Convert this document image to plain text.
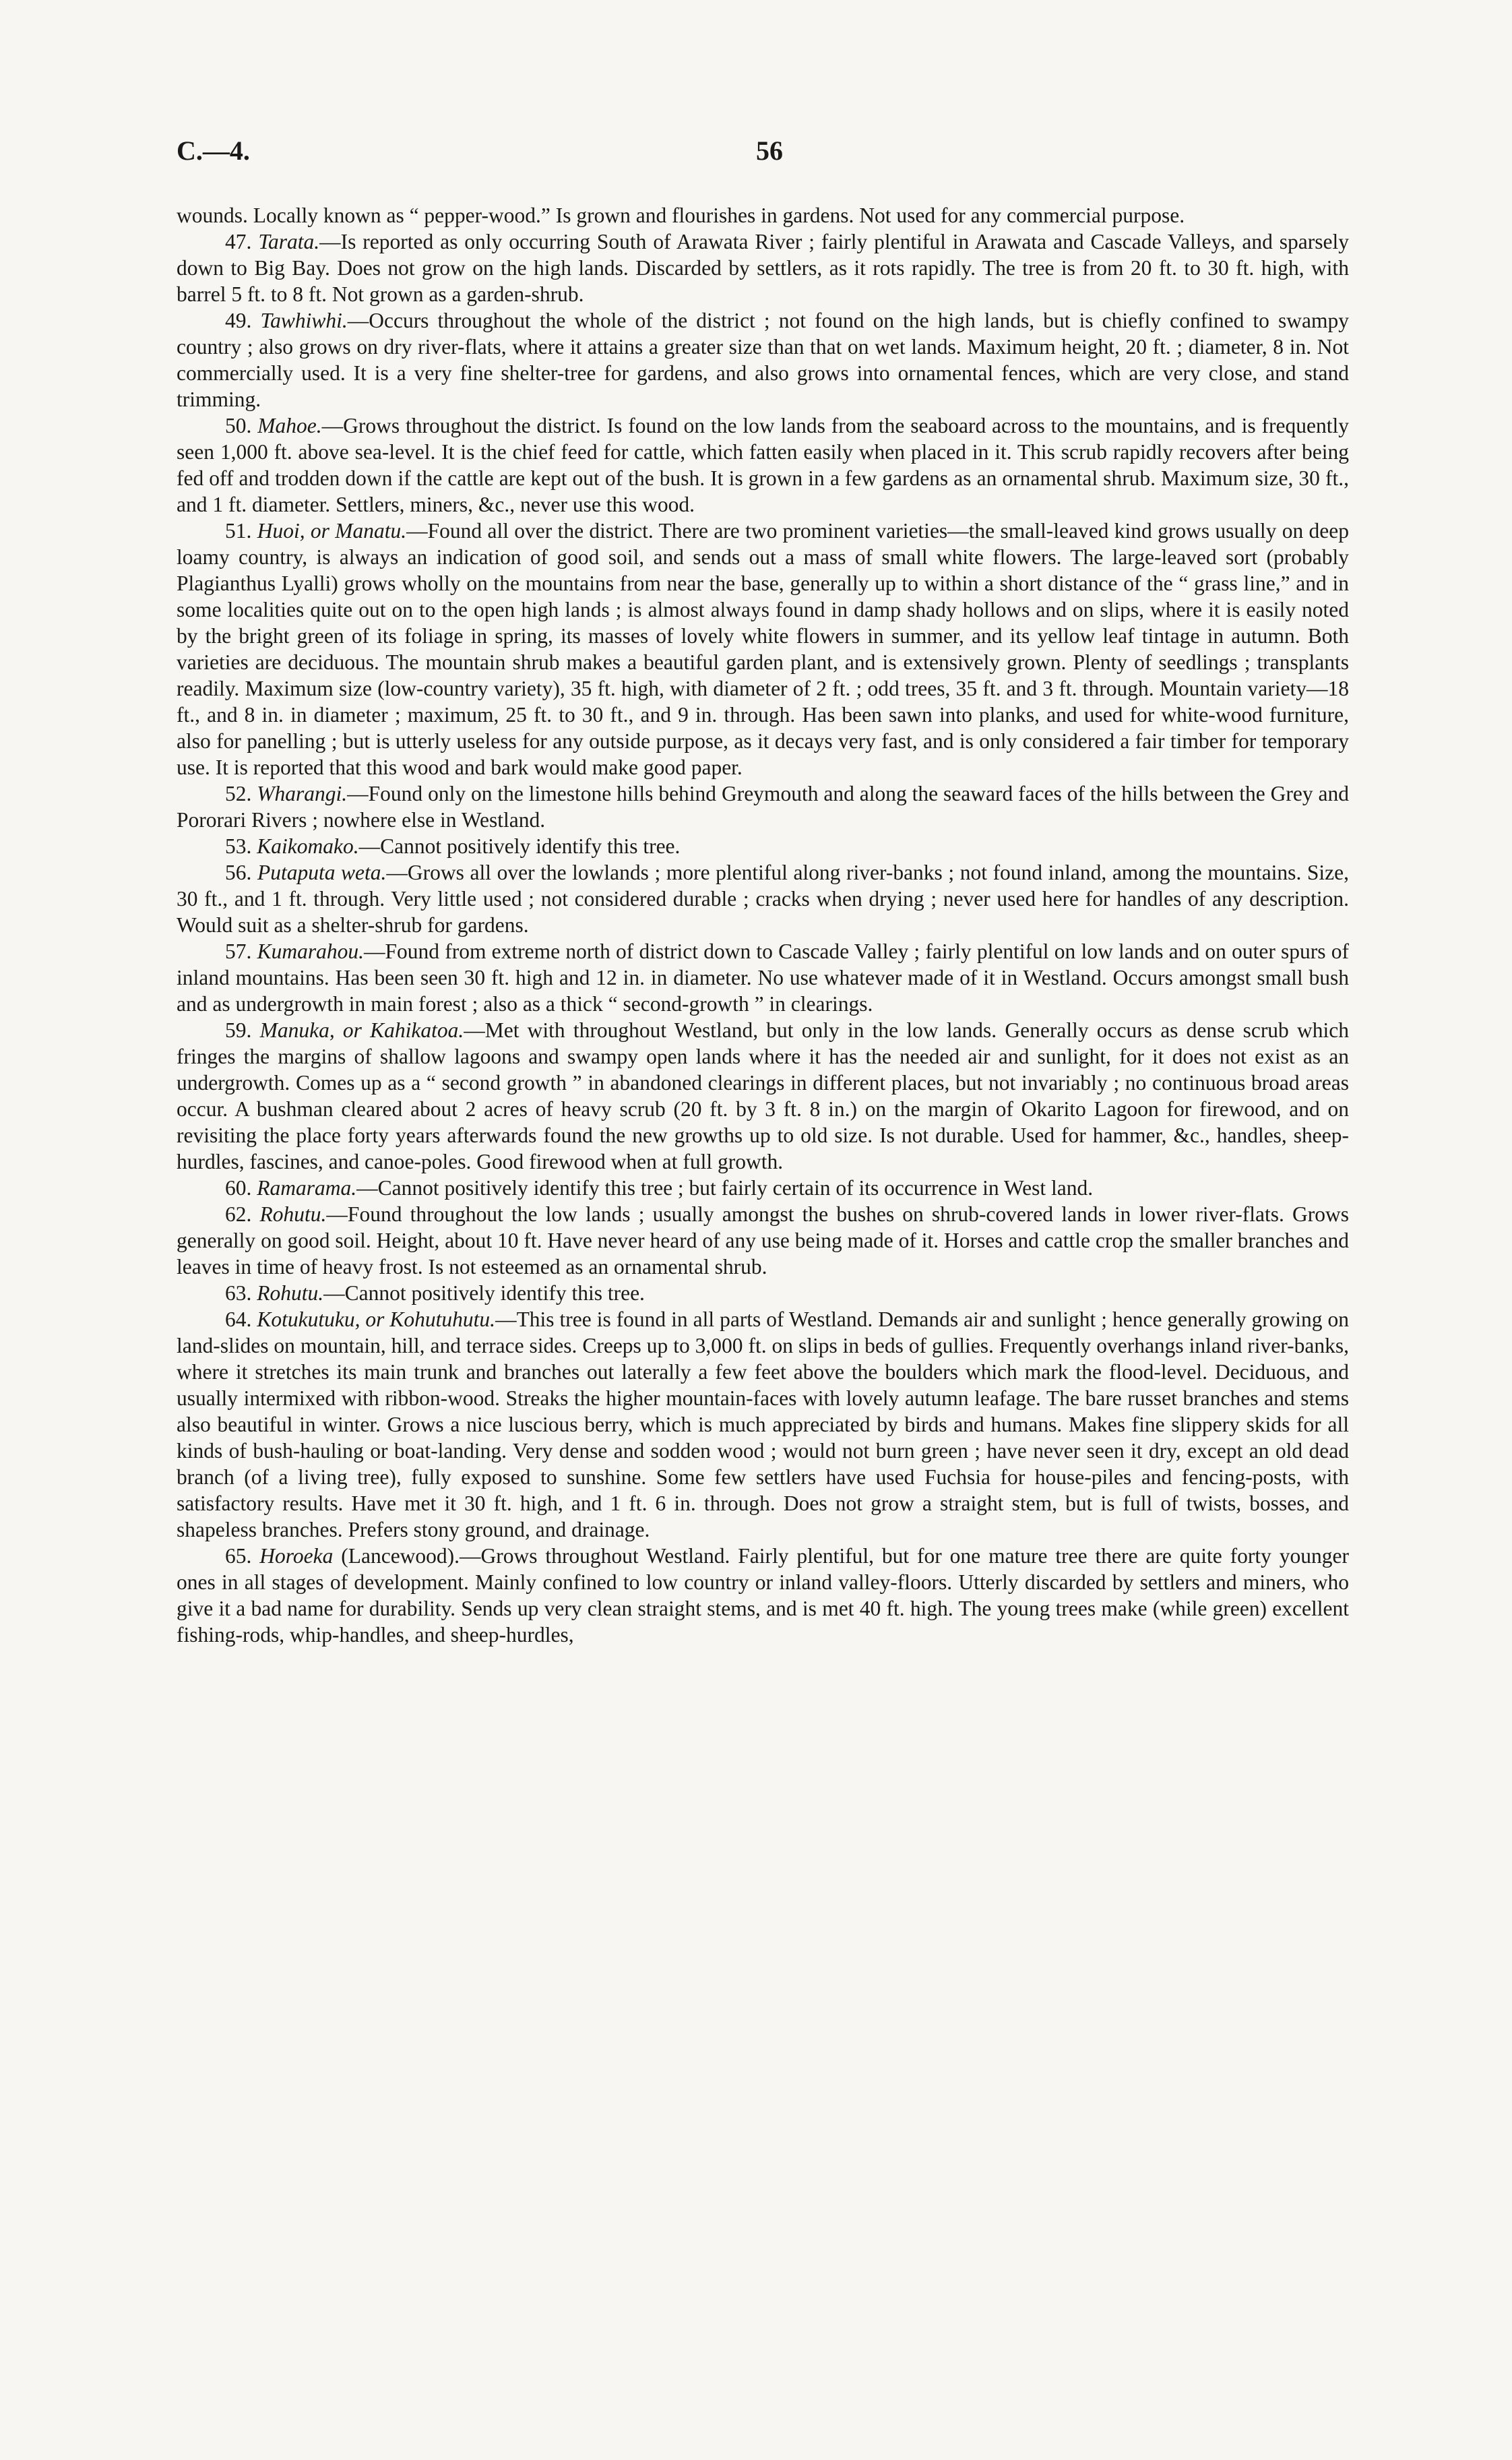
C.—4.	56

wounds. Locally known as “ pepper-wood.” Is grown and flourishes in gardens. Not used for any commercial purpose.

47. Tarata.—Is reported as only occurring South of Arawata River ; fairly plentiful in Arawata and Cascade Valleys, and sparsely down to Big Bay. Does not grow on the high lands. Discarded by settlers, as it rots rapidly. The tree is from 20 ft. to 30 ft. high, with barrel 5 ft. to 8 ft. Not grown as a garden-shrub.

49. Tawhiwhi.—Occurs throughout the whole of the district ; not found on the high lands, but is chiefly confined to swampy country ; also grows on dry river-flats, where it attains a greater size than that on wet lands. Maximum height, 20 ft. ; diameter, 8 in. Not commercially used. It is a very fine shelter-tree for gardens, and also grows into ornamental fences, which are very close, and stand trimming.

50. Mahoe.—Grows throughout the district. Is found on the low lands from the seaboard across to the mountains, and is frequently seen 1,000 ft. above sea-level. It is the chief feed for cattle, which fatten easily when placed in it. This scrub rapidly recovers after being fed off and trodden down if the cattle are kept out of the bush. It is grown in a few gardens as an ornamental shrub. Maximum size, 30 ft., and 1 ft. diameter. Settlers, miners, &c., never use this wood.

51. Huoi, or Manatu.—Found all over the district. There are two prominent varieties—the small-leaved kind grows usually on deep loamy country, is always an indication of good soil, and sends out a mass of small white flowers. The large-leaved sort (probably Plagianthus Lyalli) grows wholly on the mountains from near the base, generally up to within a short distance of the “ grass line,” and in some localities quite out on to the open high lands ; is almost always found in damp shady hollows and on slips, where it is easily noted by the bright green of its foliage in spring, its masses of lovely white flowers in summer, and its yellow leaf tintage in autumn. Both varieties are deciduous. The mountain shrub makes a beautiful garden plant, and is extensively grown. Plenty of seedlings ; transplants readily. Maximum size (low-country variety), 35 ft. high, with diameter of 2 ft. ; odd trees, 35 ft. and 3 ft. through. Mountain variety—18 ft., and 8 in. in diameter ; maximum, 25 ft. to 30 ft., and 9 in. through. Has been sawn into planks, and used for white-wood furniture, also for panelling ; but is utterly useless for any outside purpose, as it decays very fast, and is only considered a fair timber for temporary use. It is reported that this wood and bark would make good paper.

52. Wharangi.—Found only on the limestone hills behind Greymouth and along the seaward faces of the hills between the Grey and Pororari Rivers ; nowhere else in Westland.

53. Kaikomako.—Cannot positively identify this tree.

56. Putaputa weta.—Grows all over the lowlands ; more plentiful along river-banks ; not found inland, among the mountains. Size, 30 ft., and 1 ft. through. Very little used ; not considered durable ; cracks when drying ; never used here for handles of any description. Would suit as a shelter-shrub for gardens.

57. Kumarahou.—Found from extreme north of district down to Cascade Valley ; fairly plentiful on low lands and on outer spurs of inland mountains. Has been seen 30 ft. high and 12 in. in diameter. No use whatever made of it in Westland. Occurs amongst small bush and as undergrowth in main forest ; also as a thick “ second-growth ” in clearings.

59. Manuka, or Kahikatoa.—Met with throughout Westland, but only in the low lands. Generally occurs as dense scrub which fringes the margins of shallow lagoons and swampy open lands where it has the needed air and sunlight, for it does not exist as an undergrowth. Comes up as a “ second growth ” in abandoned clearings in different places, but not invariably ; no continuous broad areas occur. A bushman cleared about 2 acres of heavy scrub (20 ft. by 3 ft. 8 in.) on the margin of Okarito Lagoon for firewood, and on revisiting the place forty years afterwards found the new growths up to old size. Is not durable. Used for hammer, &c., handles, sheep-hurdles, fascines, and canoe-poles. Good firewood when at full growth.

60. Ramarama.—Cannot positively identify this tree ; but fairly certain of its occurrence in West land.

62. Rohutu.—Found throughout the low lands ; usually amongst the bushes on shrub-covered lands in lower river-flats. Grows generally on good soil. Height, about 10 ft. Have never heard of any use being made of it. Horses and cattle crop the smaller branches and leaves in time of heavy frost. Is not esteemed as an ornamental shrub.

63. Rohutu.—Cannot positively identify this tree.

64. Kotukutuku, or Kohutuhutu.—This tree is found in all parts of Westland. Demands air and sunlight ; hence generally growing on land-slides on mountain, hill, and terrace sides. Creeps up to 3,000 ft. on slips in beds of gullies. Frequently overhangs inland river-banks, where it stretches its main trunk and branches out laterally a few feet above the boulders which mark the flood-level. Deciduous, and usually intermixed with ribbon-wood. Streaks the higher mountain-faces with lovely autumn leafage. The bare russet branches and stems also beautiful in winter. Grows a nice luscious berry, which is much appreciated by birds and humans. Makes fine slippery skids for all kinds of bush-hauling or boat-landing. Very dense and sodden wood ; would not burn green ; have never seen it dry, except an old dead branch (of a living tree), fully exposed to sunshine. Some few settlers have used Fuchsia for house-piles and fencing-posts, with satisfactory results. Have met it 30 ft. high, and 1 ft. 6 in. through. Does not grow a straight stem, but is full of twists, bosses, and shapeless branches. Prefers stony ground, and drainage.

65. Horoeka (Lancewood).—Grows throughout Westland. Fairly plentiful, but for one mature tree there are quite forty younger ones in all stages of development. Mainly confined to low country or inland valley-floors. Utterly discarded by settlers and miners, who give it a bad name for durability. Sends up very clean straight stems, and is met 40 ft. high. The young trees make (while green) excellent fishing-rods, whip-handles, and sheep-hurdles,
